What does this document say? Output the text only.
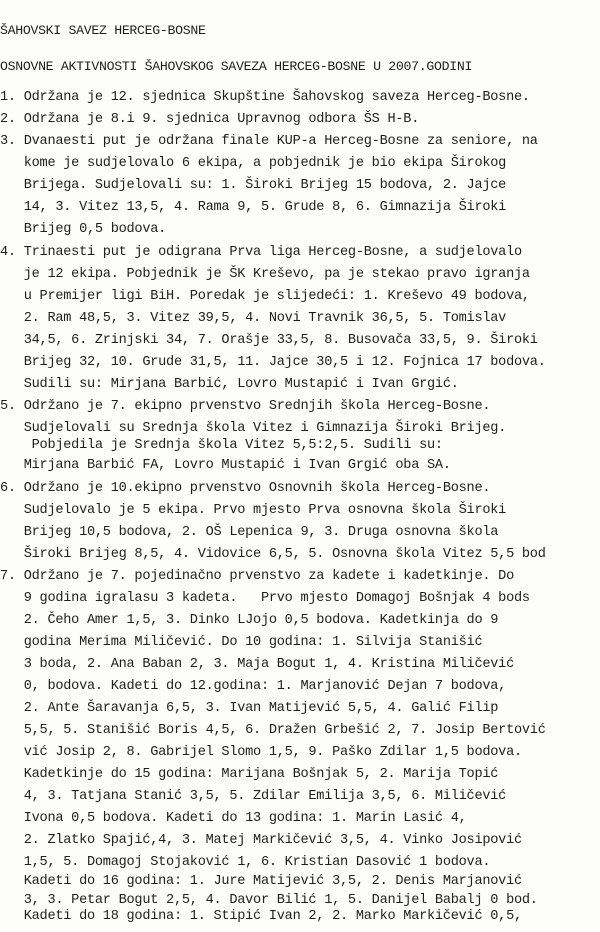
ŠAHOVSKI SAVEZ HERCEG-BOSNE
OSNOVNE AKTIVNOSTI ŠAHOVSKOG SAVEZA HERCEG-BOSNE U 2007.GODINI
1. Održana je 12. sjednica Skupštine Šahovskog saveza Herceg-Bosne.
2. Održana je 8.i 9. sjednica Upravnog odbora ŠS H-B.
3. Dvanaesti put je održana finale KUP-a Herceg-Bosne za seniore, na
kome je sudjelovalo 6 ekipa, a pobjednik je bio ekipa Širokog
Brijega. Sudjelovali su: 1. Široki Brijeg 15 bodova, 2. Jajce
14, 3. Vitez 13,5, 4. Rama 9, 5. Grude 8, 6. Gimnazija Široki
Brijeg 0,5 bodova.
4. Trinaesti put je odigrana Prva liga Herceg-Bosne, a sudjelovalo
je 12 ekipa. Pobjednik je ŠK Kreševo, pa je stekao pravo igranja
u Premijer ligi BiH. Poredak je slijedeći: 1. Kreševo 49 bodova,
2. Ram 48,5, 3. Vitez 39,5, 4. Novi Travnik 36,5, 5. Tomislav
34,5, 6. Zrinjski 34, 7. Orašje 33,5, 8. Busovača 33,5, 9. Široki
Brijeg 32, 10. Grude 31,5, 11. Jajce 30,5 i 12. Fojnica 17 bodova.
Sudili su: Mirjana Barbić, Lovro Mustapić i Ivan Grgić.
5. Održano je 7. ekipno prvenstvo Srednjih škola Herceg-Bosne.
Sudjelovali su Srednja škola Vitez i Gimnazija Široki Brijeg.
Pobjedila je Srednja škola Vitez 5,5:2,5. Sudili su:
Mirjana Barbić FA, Lovro Mustapić i Ivan Grgić oba SA.
6. Održano je 10.ekipno prvenstvo Osnovnih škola Herceg-Bosne.
Sudjelovalo je 5 ekipa. Prvo mjesto Prva osnovna škola Široki
Brijeg 10,5 bodova, 2. OŠ Lepenica 9, 3. Druga osnovna škola
Široki Brijeg 8,5, 4. Vidovice 6,5, 5. Osnovna škola Vitez 5,5 bod
7. Održano je 7. pojedinačno prvenstvo za kadete i kadetkinje. Do
9 godina igralasu 3 kadeta.   Prvo mjesto Domagoj Bošnjak 4 bods
2. Čeho Amer 1,5, 3. Dinko LJojo 0,5 bodova. Kadetkinja do 9
godina Merima Miličević. Do 10 godina: 1. Silvija Stanišić
3 boda, 2. Ana Baban 2, 3. Maja Bogut 1, 4. Kristina Miličević
0, bodova. Kadeti do 12.godina: 1. Marjanović Dejan 7 bodova,
2. Ante Šaravanja 6,5, 3. Ivan Matijević 5,5, 4. Galić Filip
5,5, 5. Stanišić Boris 4,5, 6. Dražen Grbešić 2, 7. Josip Bertović
vić Josip 2, 8. Gabrijel Slomo 1,5, 9. Paško Zdilar 1,5 bodova.
Kadetkinje do 15 godina: Marijana Bošnjak 5, 2. Marija Topić
4, 3. Tatjana Stanić 3,5, 5. Zdilar Emilija 3,5, 6. Miličević
Ivona 0,5 bodova. Kadeti do 13 godina: 1. Marin Lasić 4,
2. Zlatko Spajić,4, 3. Matej Markičević 3,5, 4. Vinko Josipović
1,5, 5. Domagoj Stojaković 1, 6. Kristian Dasović 1 bodova.
Kadeti do 16 godina: 1. Jure Matijević 3,5, 2. Denis Marjanović
3, 3. Petar Bogut 2,5, 4. Davor Bilić 1, 5. Danijel Babalj 0 bod.
Kadeti do 18 godina: 1. Stipić Ivan 2, 2. Marko Markičević 0,5,
